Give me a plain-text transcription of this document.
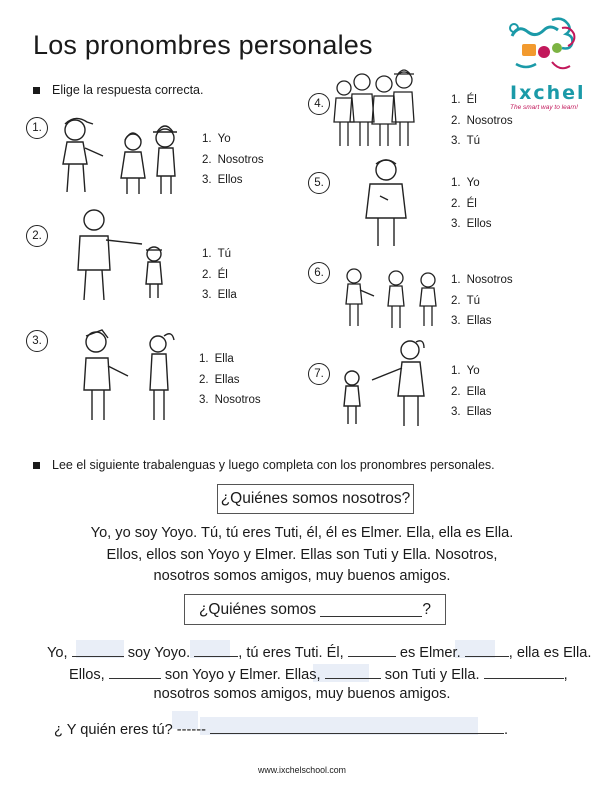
Los pronombres personales
Ixchel
The smart way to learn!
Elige la respuesta correcta.
1.
1. Yo
2. Nosotros
3. Ellos
2.
1. Tú
2. Él
3. Ella
3.
1. Ella
2. Ellas
3. Nosotros
4.	1. Él
2. Nosotros
3. Tú
5.	1. Yo
2. Él
3. Ellos
6.
1. Nosotros
2. Tú
3. Ellas
7.	1. Yo
2. Ella
3. Ellas
Lee el siguiente trabalenguas y luego completa con los pronombres personales.
¿Quiénes somos nosotros?
Yo, yo soy Yoyo. Tú, tú eres Tuti, él, él es Elmer. Ella, ella es Ella.
Ellos, ellos son Yoyo y Elmer. Ellas son Tuti y Ella. Nosotros,
nosotros somos amigos, muy buenos amigos.
¿Quiénes somos
	?
Yo,	soy Yoyo.	, tú eres Tuti. Él,	es Elmer.	, ella es Ella.
Ellos,	son Yoyo y Elmer. Ellas,	son Tuti y Ella.	,
nosotros somos amigos, muy buenos amigos.
¿ Y quién eres tú? ------	.
www.ixchelschool.com
